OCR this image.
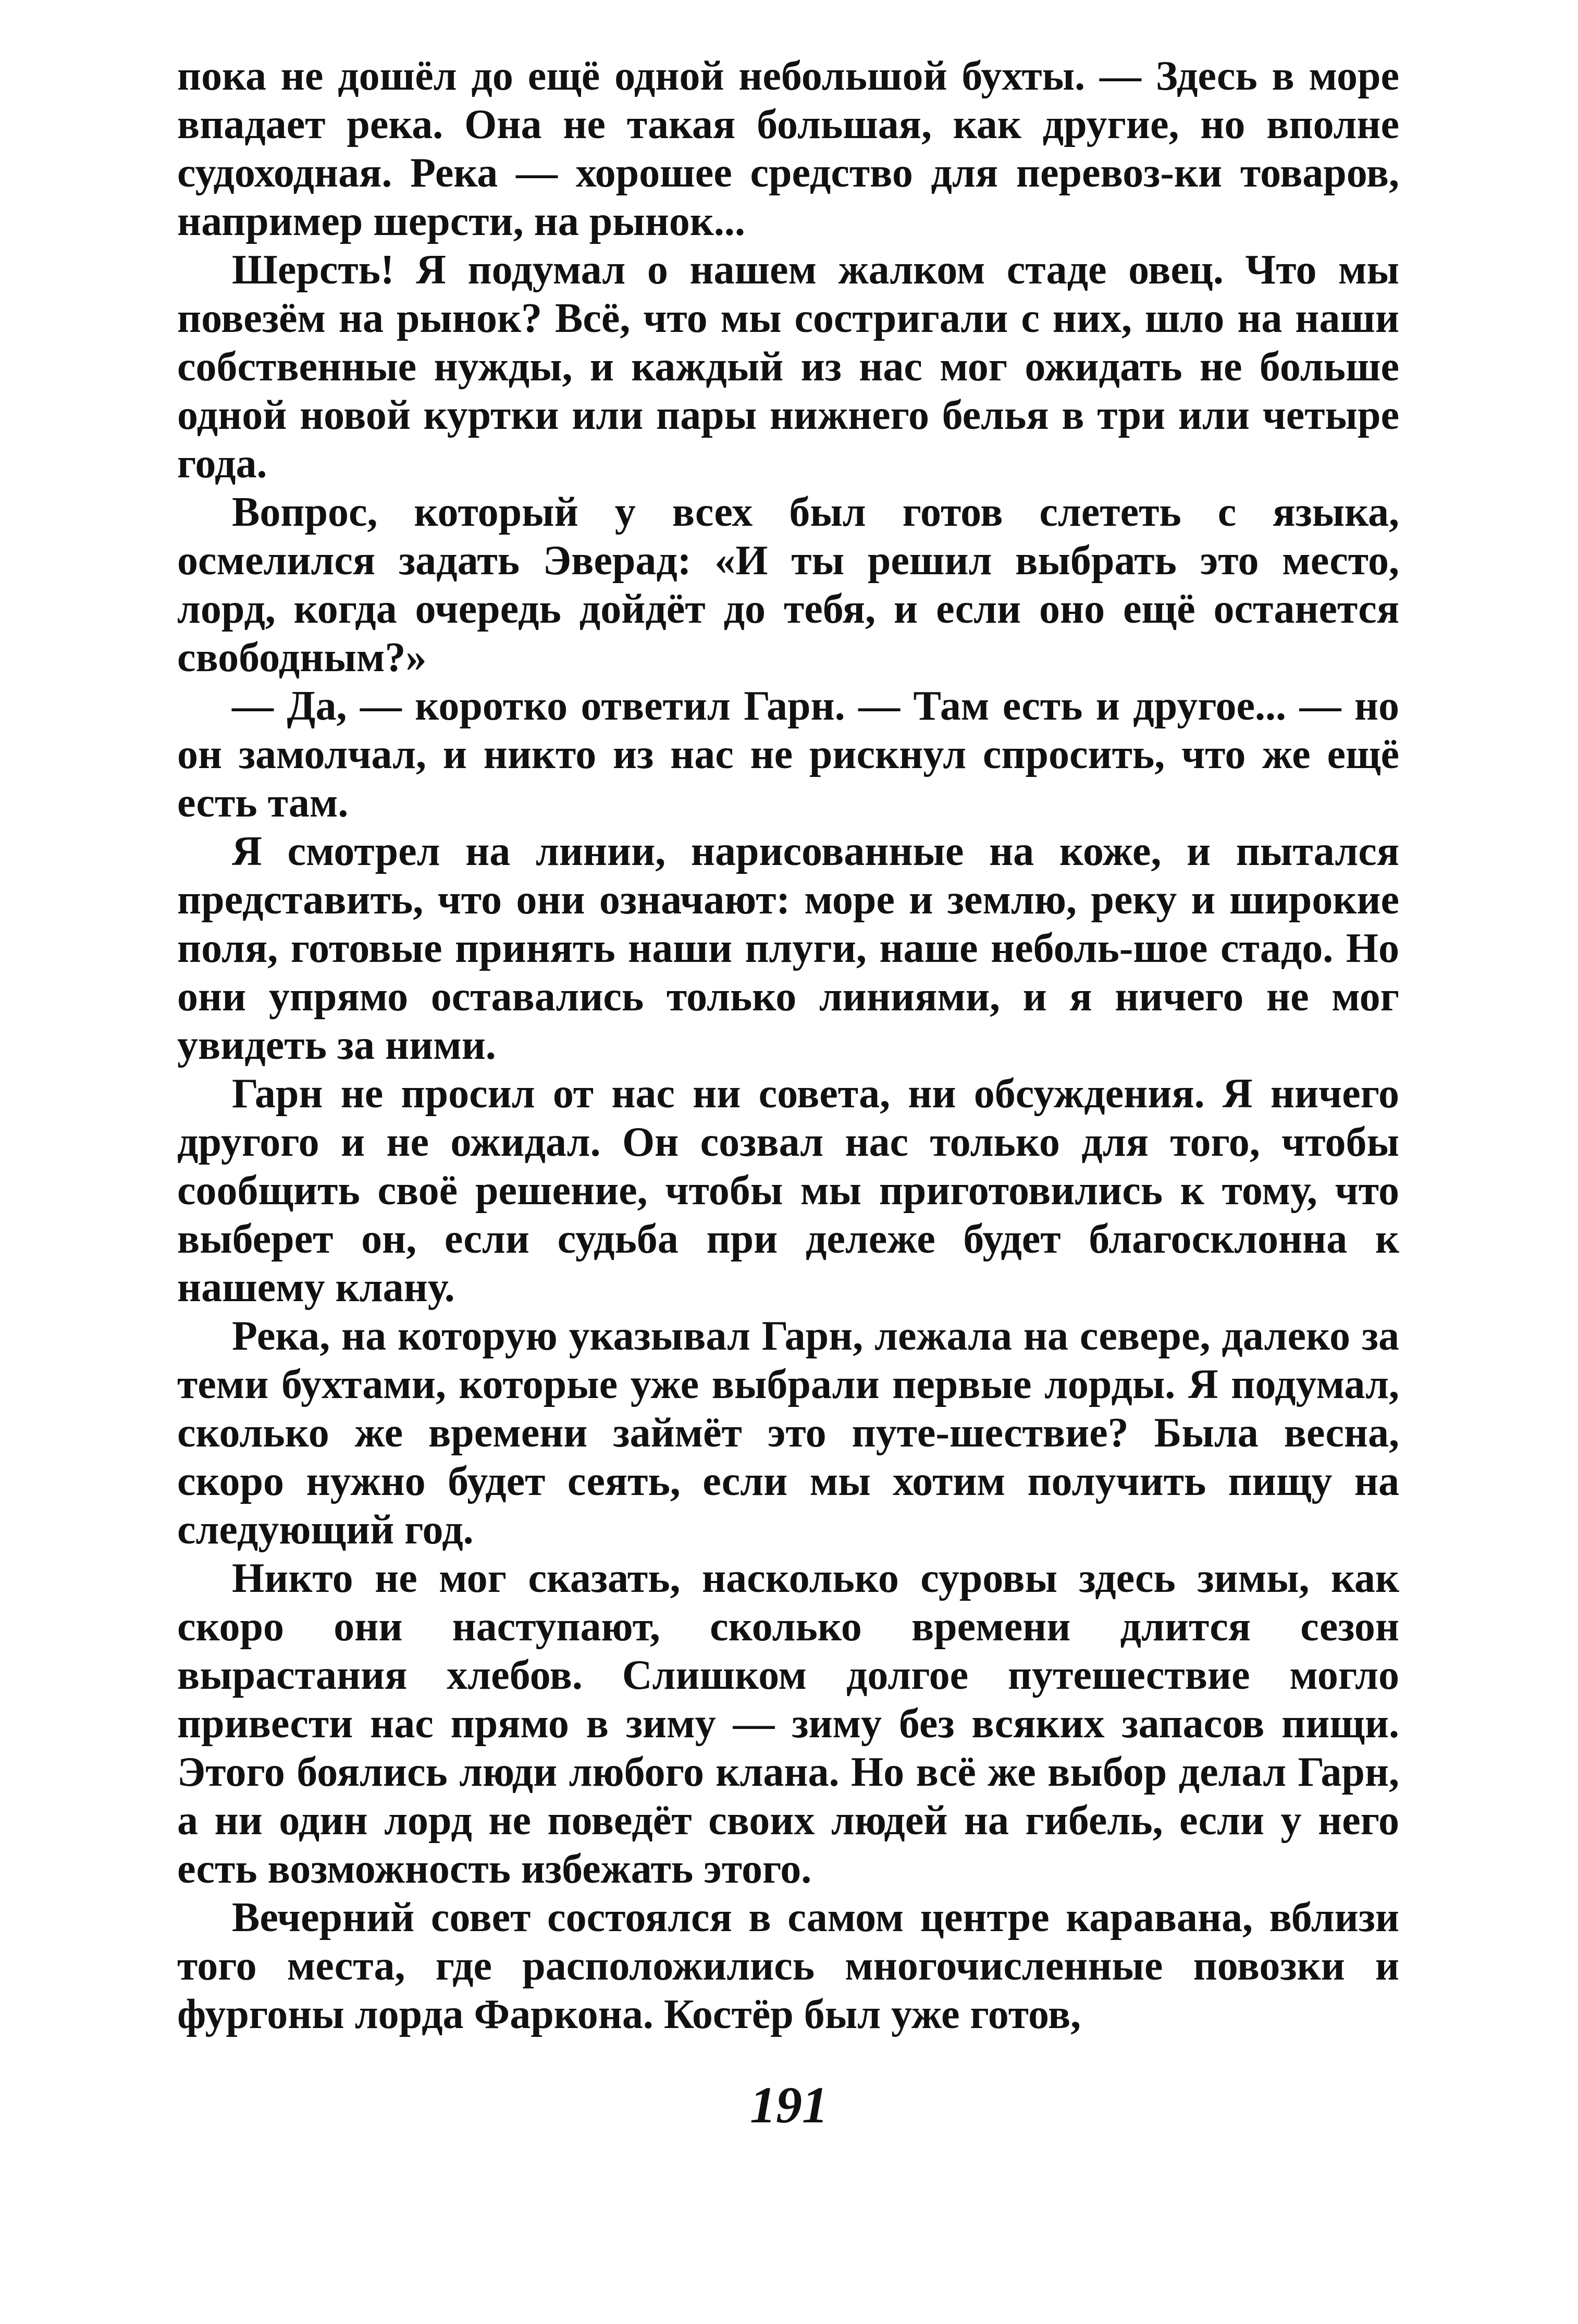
пока не дошёл до ещё одной небольшой бухты. — Здесь в море впадает река. Она не такая большая, как другие, но вполне судоходная. Река — хорошее средство для перевоз-ки товаров, например шерсти, на рынок...

Шерсть! Я подумал о нашем жалком стаде овец. Что мы повезём на рынок? Всё, что мы состригали с них, шло на наши собственные нужды, и каждый из нас мог ожидать не больше одной новой куртки или пары нижнего белья в три или четыре года.

Вопрос, который у всех был готов слететь с языка, осмелился задать Эверад: «И ты решил выбрать это место, лорд, когда очередь дойдёт до тебя, и если оно ещё останется свободным?»

— Да, — коротко ответил Гарн. — Там есть и другое... — но он замолчал, и никто из нас не рискнул спросить, что же ещё есть там.

Я смотрел на линии, нарисованные на коже, и пытался представить, что они означают: море и землю, реку и широкие поля, готовые принять наши плуги, наше неболь-шое стадо. Но они упрямо оставались только линиями, и я ничего не мог увидеть за ними.

Гарн не просил от нас ни совета, ни обсуждения. Я ничего другого и не ожидал. Он созвал нас только для того, чтобы сообщить своё решение, чтобы мы приготовились к тому, что выберет он, если судьба при дележе будет благосклонна к нашему клану.

Река, на которую указывал Гарн, лежала на севере, далеко за теми бухтами, которые уже выбрали первые лорды. Я подумал, сколько же времени займёт это путе-шествие? Была весна, скоро нужно будет сеять, если мы хотим получить пищу на следующий год.

Никто не мог сказать, насколько суровы здесь зимы, как скоро они наступают, сколько времени длится сезон вырастания хлебов. Слишком долгое путешествие могло привести нас прямо в зиму — зиму без всяких запасов пищи. Этого боялись люди любого клана. Но всё же выбор делал Гарн, а ни один лорд не поведёт своих людей на гибель, если у него есть возможность избежать этого.

Вечерний совет состоялся в самом центре каравана, вблизи того места, где расположились многочисленные повозки и фургоны лорда Фаркона. Костёр был уже готов,

191
